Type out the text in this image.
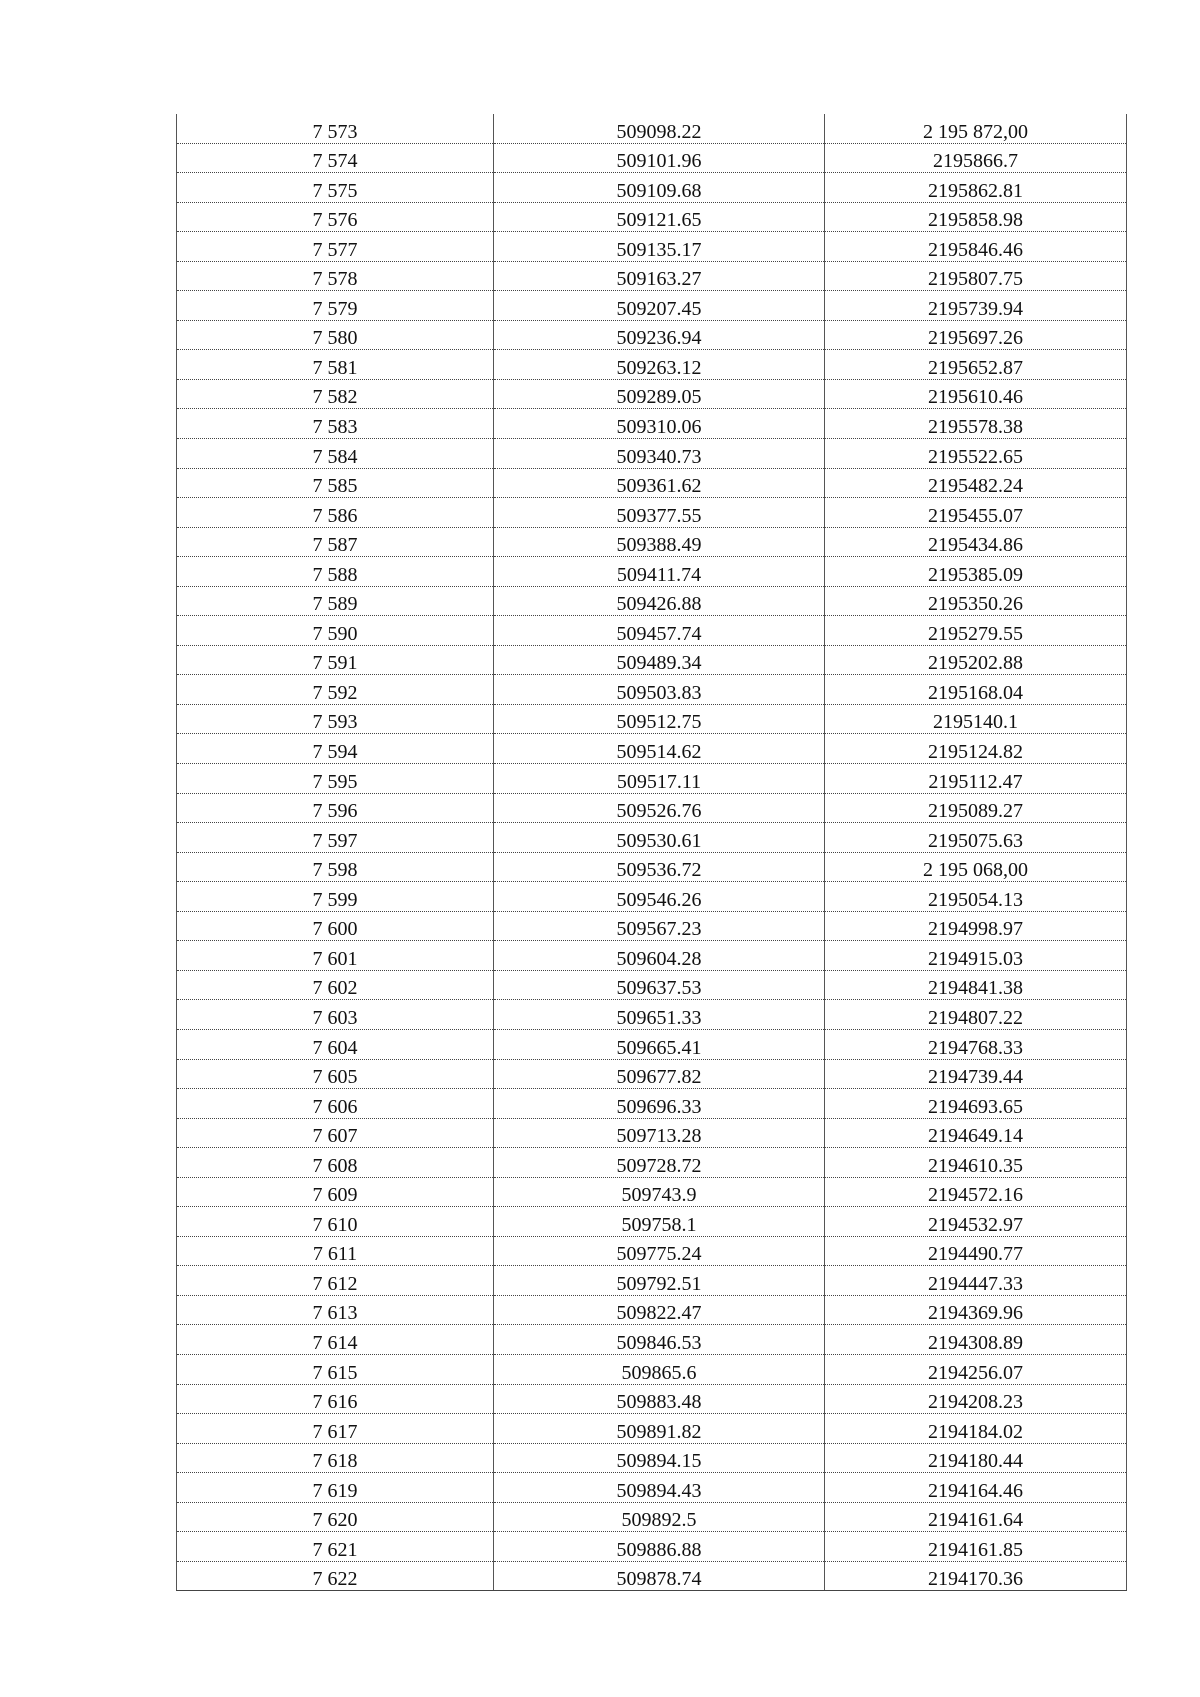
7 573	509098.22	2 195 872,00
7 574	509101.96	2195866.7
7 575	509109.68	2195862.81
7 576	509121.65	2195858.98
7 577	509135.17	2195846.46
7 578	509163.27	2195807.75
7 579	509207.45	2195739.94
7 580	509236.94	2195697.26
7 581	509263.12	2195652.87
7 582	509289.05	2195610.46
7 583	509310.06	2195578.38
7 584	509340.73	2195522.65
7 585	509361.62	2195482.24
7 586	509377.55	2195455.07
7 587	509388.49	2195434.86
7 588	509411.74	2195385.09
7 589	509426.88	2195350.26
7 590	509457.74	2195279.55
7 591	509489.34	2195202.88
7 592	509503.83	2195168.04
7 593	509512.75	2195140.1
7 594	509514.62	2195124.82
7 595	509517.11	2195112.47
7 596	509526.76	2195089.27
7 597	509530.61	2195075.63
7 598	509536.72	2 195 068,00
7 599	509546.26	2195054.13
7 600	509567.23	2194998.97
7 601	509604.28	2194915.03
7 602	509637.53	2194841.38
7 603	509651.33	2194807.22
7 604	509665.41	2194768.33
7 605	509677.82	2194739.44
7 606	509696.33	2194693.65
7 607	509713.28	2194649.14
7 608	509728.72	2194610.35
7 609	509743.9	2194572.16
7 610	509758.1	2194532.97
7 611	509775.24	2194490.77
7 612	509792.51	2194447.33
7 613	509822.47	2194369.96
7 614	509846.53	2194308.89
7 615	509865.6	2194256.07
7 616	509883.48	2194208.23
7 617	509891.82	2194184.02
7 618	509894.15	2194180.44
7 619	509894.43	2194164.46
7 620	509892.5	2194161.64
7 621	509886.88	2194161.85
7 622	509878.74	2194170.36
